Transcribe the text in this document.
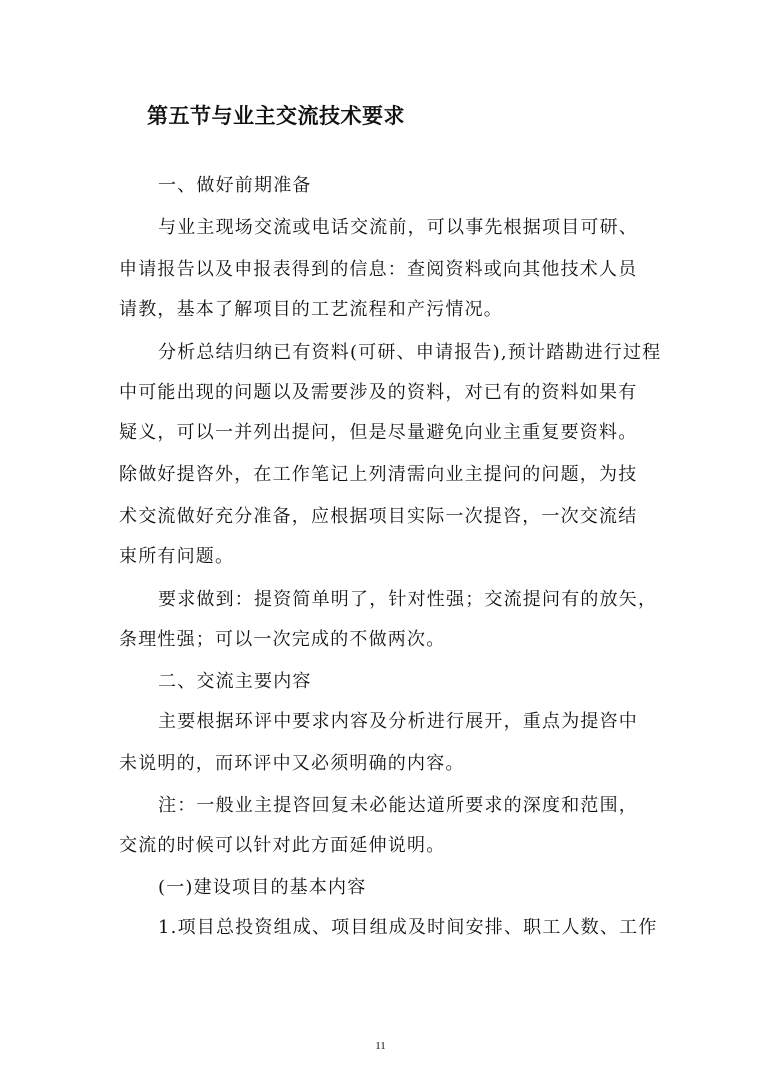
第五节与业主交流技术要求
一、做好前期准备
与业主现场交流或电话交流前，可以事先根据项目可研、
申请报告以及申报表得到的信息：查阅资料或向其他技术人员
请教，基本了解项目的工艺流程和产污情况。
分析总结归纳已有资料(可研、申请报告),预计踏勘进行过程
中可能出现的问题以及需要涉及的资料，对已有的资料如果有
疑义，可以一并列出提问，但是尽量避免向业主重复要资料。
除做好提咨外，在工作笔记上列清需向业主提问的问题，为技
术交流做好充分准备，应根据项目实际一次提咨，一次交流结
束所有问题。
要求做到：提资简单明了，针对性强；交流提问有的放矢，
条理性强；可以一次完成的不做两次。
二、交流主要内容
主要根据环评中要求内容及分析进行展开，重点为提咨中
未说明的，而环评中又必须明确的内容。
注：一般业主提咨回复未必能达道所要求的深度和范围，
交流的时候可以针对此方面延伸说明。
(一)建设项目的基本内容
1.项目总投资组成、项目组成及时间安排、职工人数、工作
11
